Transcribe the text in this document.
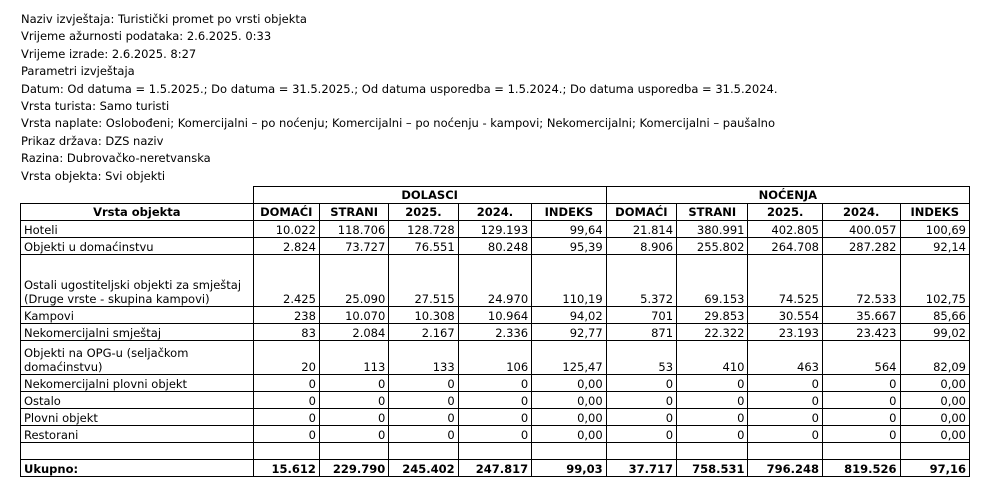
Naziv izvještaja: Turistički promet po vrsti objekta
Vrijeme ažurnosti podataka: 2.6.2025. 0:33
Vrijeme izrade: 2.6.2025. 8:27
Parametri izvještaja
Datum: Od datuma = 1.5.2025.; Do datuma = 31.5.2025.; Od datuma usporedba = 1.5.2024.; Do datuma usporedba = 31.5.2024.
Vrsta turista: Samo turisti
Vrsta naplate: Oslobođeni; Komercijalni – po noćenju; Komercijalni – po noćenju - kampovi; Nekomercijalni; Komercijalni – paušalno
Prikaz država: DZS naziv
Razina: Dubrovačko-neretvanska
Vrsta objekta: Svi objekti
	DOLASCI					NOĆENJA				
Vrsta objekta	DOMAĆI	STRANI	2025.	2024.	INDEKS	DOMAĆI	STRANI	2025.	2024.	INDEKS
Hoteli	10.022	118.706	128.728	129.193	99,64	21.814	380.991	402.805	400.057	100,69
Objekti u domaćinstvu	2.824	73.727	76.551	80.248	95,39	8.906	255.802	264.708	287.282	92,14

Ostali ugostiteljski objekti za smještaj
(Druge vrste - skupina kampovi)	2.425	25.090	27.515	24.970	110,19	5.372	69.153	74.525	72.533	102,75
Kampovi	238	10.070	10.308	10.964	94,02	701	29.853	30.554	35.667	85,66
Nekomercijalni smještaj	83	2.084	2.167	2.336	92,77	871	22.322	23.193	23.423	99,02

Objekti na OPG-u (seljačkom
domaćinstvu)	20	113	133	106	125,47	53	410	463	564	82,09
Nekomercijalni plovni objekt	0	0	0	0	0,00	0	0	0	0	0,00
Ostalo	0	0	0	0	0,00	0	0	0	0	0,00
Plovni objekt	0	0	0	0	0,00	0	0	0	0	0,00
Restorani	0	0	0	0	0,00	0	0	0	0	0,00

Ukupno:	15.612	229.790	245.402	247.817	99,03	37.717	758.531	796.248	819.526	97,16
